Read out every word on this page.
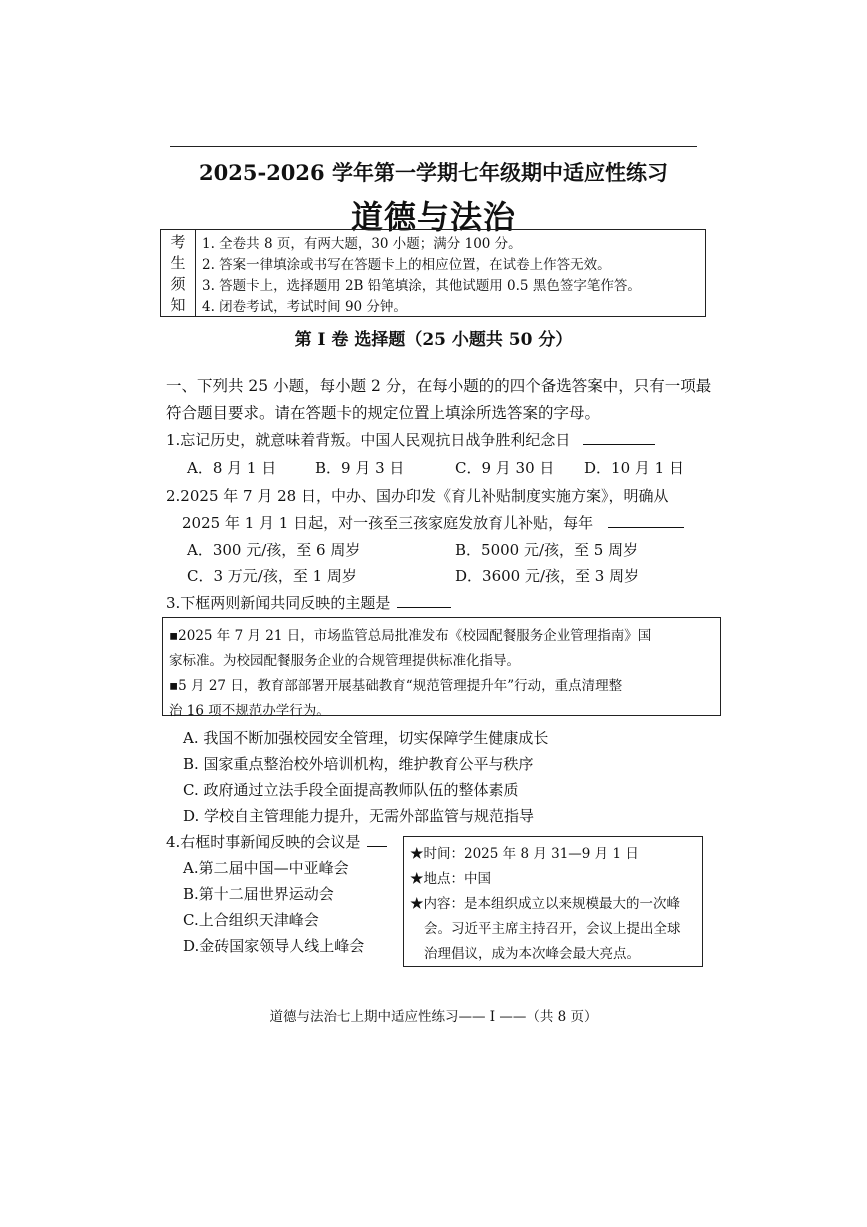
2025-2026 学年第一学期七年级期中适应性练习
道德与法治
考
生
须
知
1. 全卷共 8 页，有两大题，30 小题；满分 100 分。
2. 答案一律填涂或书写在答题卡上的相应位置，在试卷上作答无效。
3. 答题卡上，选择题用 2B 铅笔填涂，其他试题用 0.5 黑色签字笔作答。
4. 闭卷考试，考试时间 90 分钟。
第 I 卷 选择题（25 小题共 50 分）
一、下列共 25 小题，每小题 2 分，在每小题的的四个备选答案中，只有一项最
符合题目要求。请在答题卡的规定位置上填涂所选答案的字母。
1.忘记历史，就意味着背叛。中国人民观抗日战争胜利纪念日
A．8 月 1 日	B．9 月 3 日	C．9 月 30 日 D．10 月 1 日
2.2025 年 7 月 28 日，中办、国办印发《育儿补贴制度实施方案》，明确从
2025 年 1 月 1 日起，对一孩至三孩家庭发放育儿补贴，每年
A．300 元/孩，至 6 周岁	B．5000 元/孩，至 5 周岁
C．3 万元/孩，至 1 周岁	D．3600 元/孩，至 3 周岁
3.下框两则新闻共同反映的主题是

▪2025 年 7 月 21 日，市场监管总局批准发布《校园配餐服务企业管理指南》国

家标准。为校园配餐服务企业的合规管理提供标准化指导。

▪5 月 27 日，教育部部署开展基础教育“规范管理提升年”行动，重点清理整

治 16 项不规范办学行为。

A. 我国不断加强校园安全管理，切实保障学生健康成长
B. 国家重点整治校外培训机构，维护教育公平与秩序
C. 政府通过立法手段全面提高教师队伍的整体素质
D. 学校自主管理能力提升，无需外部监管与规范指导
4.右框时事新闻反映的会议是
A.第二届中国—中亚峰会
B.第十二届世界运动会
C.上合组织天津峰会
D.金砖国家领导人线上峰会

★时间：2025 年 8 月 31—9 月 1 日

★地点：中国

★内容：是本组织成立以来规模最大的一次峰

会。习近平主席主持召开，会议上提出全球

治理倡议，成为本次峰会最大亮点。

道德与法治七上期中适应性练习—— I ——（共 8 页）
